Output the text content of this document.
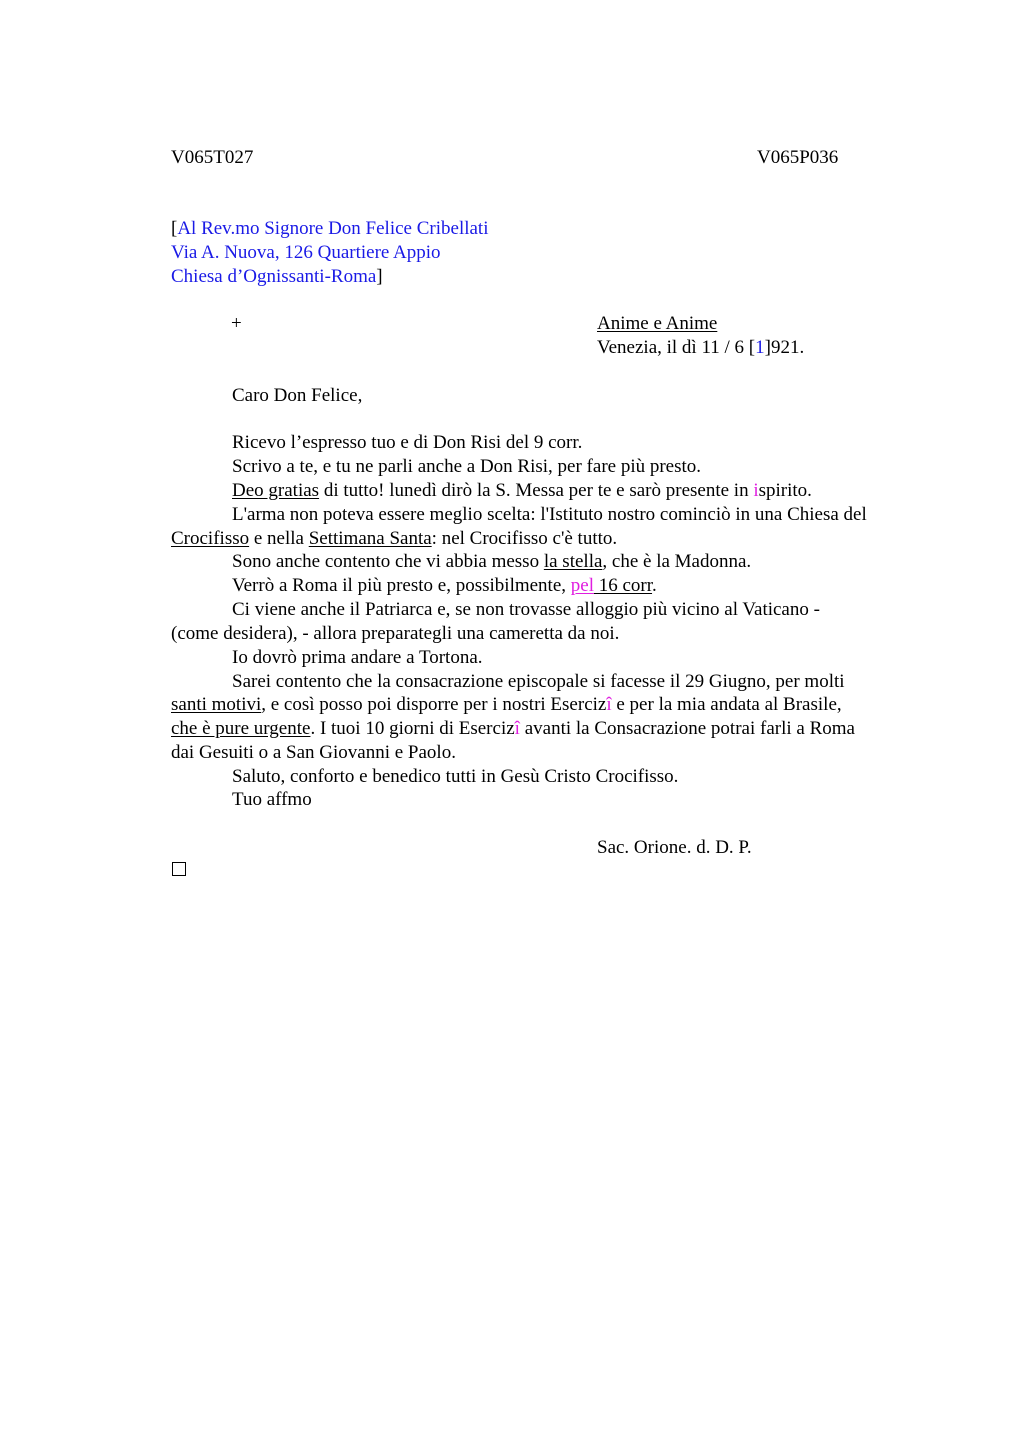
V065T027	V065P036
[Al Rev.mo Signore Don Felice Cribellati
Via A. Nuova, 126 Quartiere Appio
Chiesa d’Ognissanti-Roma]
+	Anime e Anime
Venezia, il dì 11 / 6 [1]921.
Caro Don Felice,
Ricevo l’espresso tuo e di Don Risi del 9 corr.
Scrivo a te, e tu ne parli anche a Don Risi, per fare più presto.
Deo gratias di tutto! lunedì dirò la S. Messa per te e sarò presente in ispirito.
L'arma non poteva essere meglio scelta: l'Istituto nostro cominciò in una Chiesa del
Crocifisso e nella Settimana Santa: nel Crocifisso c'è tutto.
Sono anche contento che vi abbia messo la stella, che è la Madonna.
Verrò a Roma il più presto e, possibilmente, pel 16 corr.
Ci viene anche il Patriarca e, se non trovasse alloggio più vicino al Vaticano -
(come desidera), - allora preparategli una cameretta da noi.
Io dovrò prima andare a Tortona.
Sarei contento che la consacrazione episcopale si facesse il 29 Giugno, per molti
santi motivi, e così posso poi disporre per i nostri Esercizî e per la mia andata al Brasile,
che è pure urgente. I tuoi 10 giorni di Esercizî avanti la Consacrazione potrai farli a Roma
dai Gesuiti o a San Giovanni e Paolo.
Saluto, conforto e benedico tutti in Gesù Cristo Crocifisso.
Tuo affmo
Sac. Orione. d. D. P.
